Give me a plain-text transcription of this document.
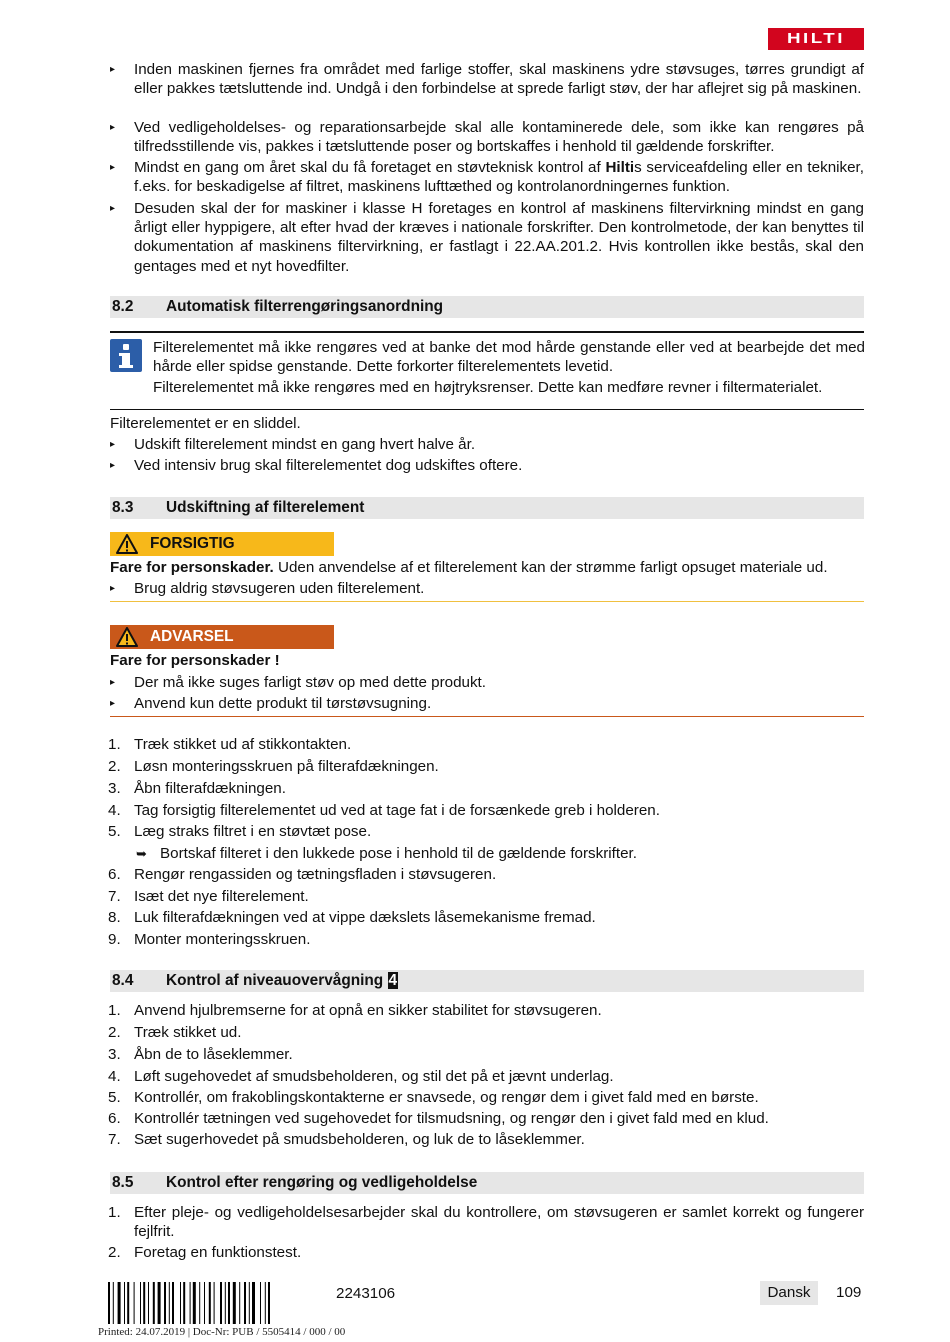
HILTI
▸	Inden maskinen fjernes fra området med farlige stoffer, skal maskinens ydre støvsuges, tørres grundigt af eller pakkes tætsluttende ind. Undgå i den forbindelse at sprede farligt støv, der har aflejret sig på maskinen.
▸	Ved vedligeholdelses- og reparationsarbejde skal alle kontaminerede dele, som ikke kan rengøres på tilfredsstillende vis, pakkes i tætsluttende poser og bortskaffes i henhold til gældende forskrifter.
▸	Mindst en gang om året skal du få foretaget en støvteknisk kontrol af Hiltis serviceafdeling eller en tekniker, f.eks. for beskadigelse af filtret, maskinens lufttæthed og kontrolanordningernes funktion.
▸	Desuden skal der for maskiner i klasse H foretages en kontrol af maskinens filtervirkning mindst en gang årligt eller hyppigere, alt efter hvad der kræves i nationale forskrifter. Den kontrolmetode, der kan benyttes til dokumentation af maskinens filtervirkning, er fastlagt i 22.AA.201.2. Hvis kontrollen ikke bestås, skal den gentages med et nyt hovedfilter.
8.2 Automatisk filterrengøringsanordning
Filterelementet må ikke rengøres ved at banke det mod hårde genstande eller ved at bearbejde det med hårde eller spidse genstande. Dette forkorter filterelementets levetid.
Filterelementet må ikke rengøres med en højtryksrenser. Dette kan medføre revner i filtermaterialet.
Filterelementet er en sliddel.
▸	Udskift filterelement mindst en gang hvert halve år.
▸	Ved intensiv brug skal filterelementet dog udskiftes oftere.
8.3 Udskiftning af filterelement
FORSIGTIG
Fare for personskader. Uden anvendelse af et filterelement kan der strømme farligt opsuget materiale ud.
▸	Brug aldrig støvsugeren uden filterelement.
ADVARSEL
Fare for personskader !
▸	Der må ikke suges farligt støv op med dette produkt.
▸	Anvend kun dette produkt til tørstøvsugning.
1. Træk stikket ud af stikkontakten.
2. Løsn monteringsskruen på filterafdækningen.
3. Åbn filterafdækningen.
4. Tag forsigtig filterelementet ud ved at tage fat i de forsænkede greb i holderen.
5. Læg straks filtret i en støvtæt pose.
➥ Bortskaf filteret i den lukkede pose i henhold til de gældende forskrifter.
6. Rengør rengassiden og tætningsfladen i støvsugeren.
7. Isæt det nye filterelement.
8. Luk filterafdækningen ved at vippe dækslets låsemekanisme fremad.
9. Monter monteringsskruen.
8.4 Kontrol af niveauovervågning 4
1. Anvend hjulbremserne for at opnå en sikker stabilitet for støvsugeren.
2. Træk stikket ud.
3. Åbn de to låseklemmer.
4. Løft sugehovedet af smudsbeholderen, og stil det på et jævnt underlag.
5. Kontrollér, om frakoblingskontakterne er snavsede, og rengør dem i givet fald med en børste.
6. Kontrollér tætningen ved sugehovedet for tilsmudsning, og rengør den i givet fald med en klud.
7. Sæt sugerhovedet på smudsbeholderen, og luk de to låseklemmer.
8.5 Kontrol efter rengøring og vedligeholdelse
1. Efter pleje- og vedligeholdelsesarbejder skal du kontrollere, om støvsugeren er samlet korrekt og fungerer fejlfrit.
2. Foretag en funktionstest.
2243106	Dansk	109
Printed: 24.07.2019 | Doc-Nr: PUB / 5505414 / 000 / 00
